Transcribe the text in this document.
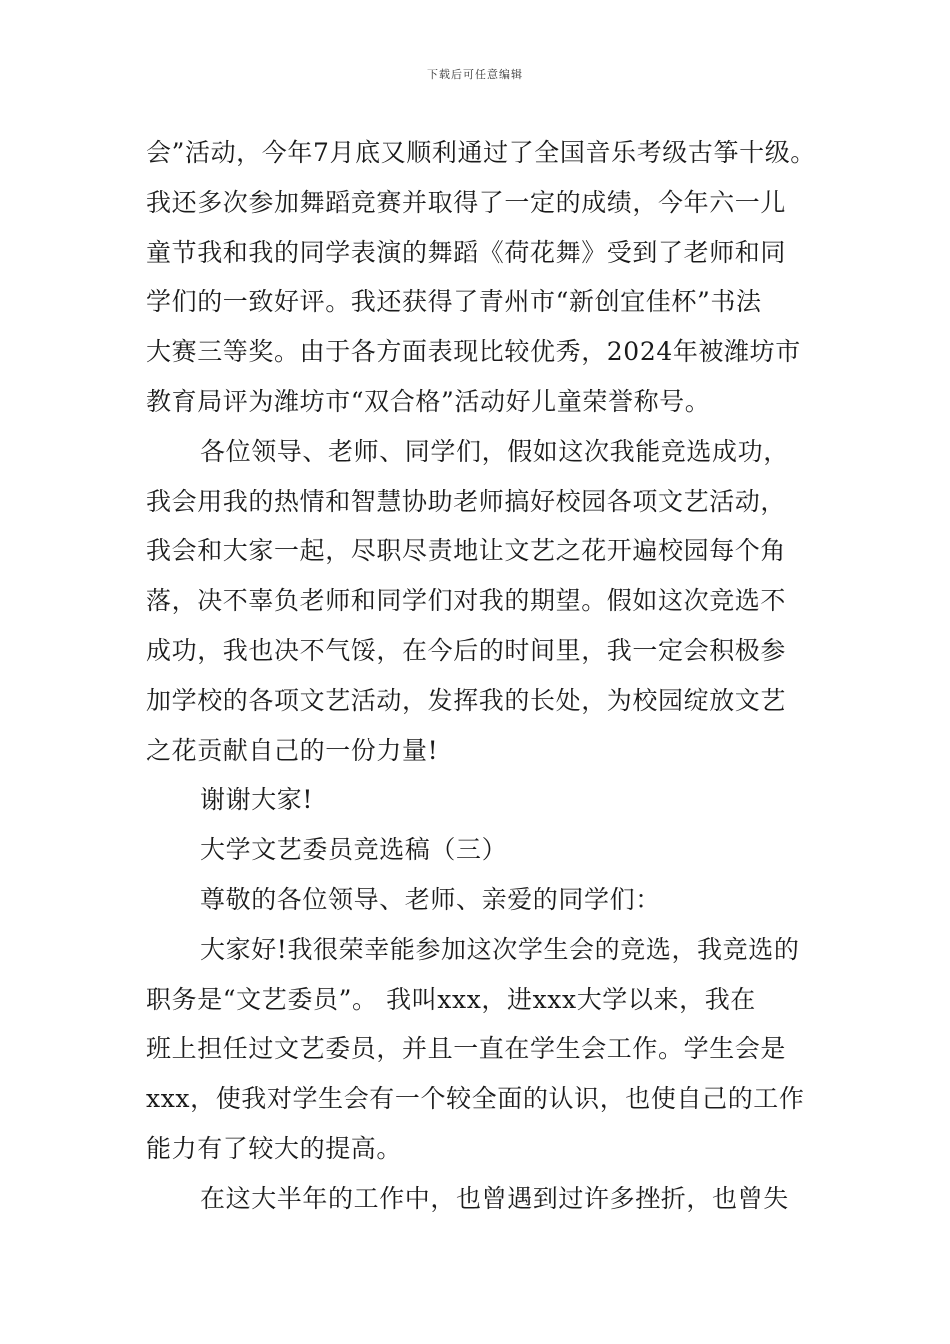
下载后可任意编辑
会”活动，今年7月底又顺利通过了全国音乐考级古筝十级。
我还多次参加舞蹈竞赛并取得了一定的成绩，今年六一儿
童节我和我的同学表演的舞蹈《荷花舞》受到了老师和同
学们的一致好评。我还获得了青州市“新创宜佳杯”书法
大赛三等奖。由于各方面表现比较优秀，2024年被潍坊市
教育局评为潍坊市“双合格”活动好儿童荣誉称号。
各位领导、老师、同学们，假如这次我能竞选成功，
我会用我的热情和智慧协助老师搞好校园各项文艺活动，
我会和大家一起，尽职尽责地让文艺之花开遍校园每个角
落，决不辜负老师和同学们对我的期望。假如这次竞选不
成功，我也决不气馁，在今后的时间里，我一定会积极参
加学校的各项文艺活动，发挥我的长处，为校园绽放文艺
之花贡献自己的一份力量!
谢谢大家!
大学文艺委员竞选稿（三）
尊敬的各位领导、老师、亲爱的同学们：
大家好!我很荣幸能参加这次学生会的竞选，我竞选的
职务是“文艺委员”。 我叫xxx，进xxx大学以来，我在
班上担任过文艺委员，并且一直在学生会工作。学生会是
xxx，使我对学生会有一个较全面的认识，也使自己的工作
能力有了较大的提高。
在这大半年的工作中，也曾遇到过许多挫折，也曾失
